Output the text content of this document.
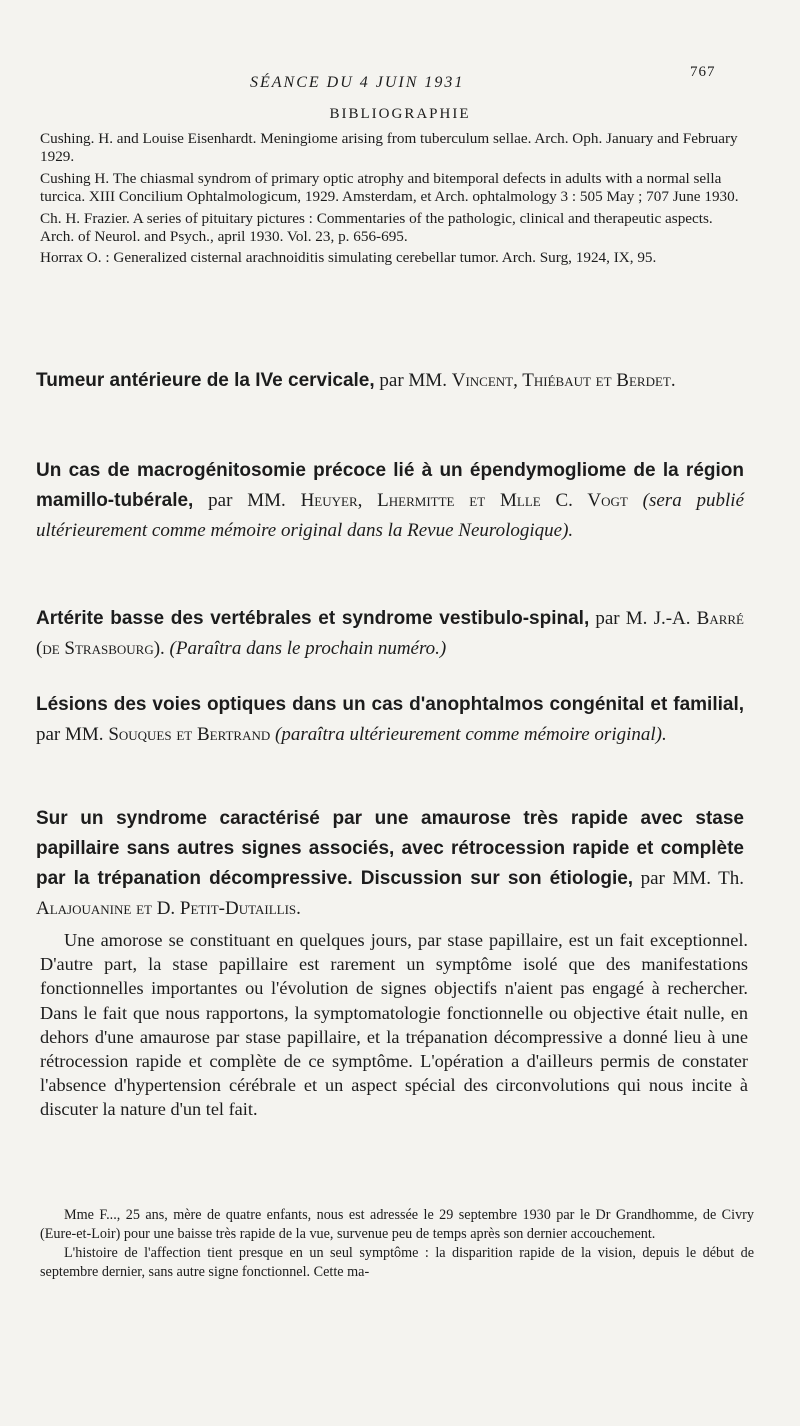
SÉANCE DU 4 JUIN 1931
767
BIBLIOGRAPHIE

Cushing. H. and Louise Eisenhardt. Meningiome arising from tuberculum sellae. Arch. Oph. January and February 1929.

Cushing H. The chiasmal syndrom of primary optic atrophy and bitemporal defects in adults with a normal sella turcica. XIII Concilium Ophtalmologicum, 1929. Amsterdam, et Arch. ophtalmology 3 : 505 May ; 707 June 1930.

Ch. H. Frazier. A series of pituitary pictures : Commentaries of the pathologic, clinical and therapeutic aspects. Arch. of Neurol. and Psych., april 1930. Vol. 23, p. 656-695.

Horrax O. : Generalized cisternal arachnoiditis simulating cerebellar tumor. Arch. Surg, 1924, IX, 95.

Tumeur antérieure de la IVe cervicale, par MM. Vincent, Thiébaut et Berdet.

Un cas de macrogénitosomie précoce lié à un épendymogliome de la région mamillo-tubérale, par MM. Heuyer, Lhermitte et Mlle C. Vogt (sera publié ultérieurement comme mémoire original dans la Revue Neurologique).

Artérite basse des vertébrales et syndrome vestibulo-spinal, par M. J.-A. Barré (de Strasbourg). (Paraîtra dans le prochain numéro.)

Lésions des voies optiques dans un cas d'anophtalmos congénital et familial, par MM. Souques et Bertrand (paraîtra ultérieurement comme mémoire original).

Sur un syndrome caractérisé par une amaurose très rapide avec stase papillaire sans autres signes associés, avec rétrocession rapide et complète par la trépanation décompressive. Discussion sur son étiologie, par MM. Th. Alajouanine et D. Petit-Dutaillis.

Une amorose se constituant en quelques jours, par stase papillaire, est un fait exceptionnel. D'autre part, la stase papillaire est rarement un symptôme isolé que des manifestations fonctionnelles importantes ou l'évolution de signes objectifs n'aient pas engagé à rechercher. Dans le fait que nous rapportons, la symptomatologie fonctionnelle ou objective était nulle, en dehors d'une amaurose par stase papillaire, et la trépanation décompressive a donné lieu à une rétrocession rapide et complète de ce symptôme. L'opération a d'ailleurs permis de constater l'absence d'hypertension cérébrale et un aspect spécial des circonvolutions qui nous incite à discuter la nature d'un tel fait.

Mme F..., 25 ans, mère de quatre enfants, nous est adressée le 29 septembre 1930 par le Dr Grandhomme, de Civry (Eure-et-Loir) pour une baisse très rapide de la vue, survenue peu de temps après son dernier accouchement.

L'histoire de l'affection tient presque en un seul symptôme : la disparition rapide de la vision, depuis le début de septembre dernier, sans autre signe fonctionnel. Cette ma-
